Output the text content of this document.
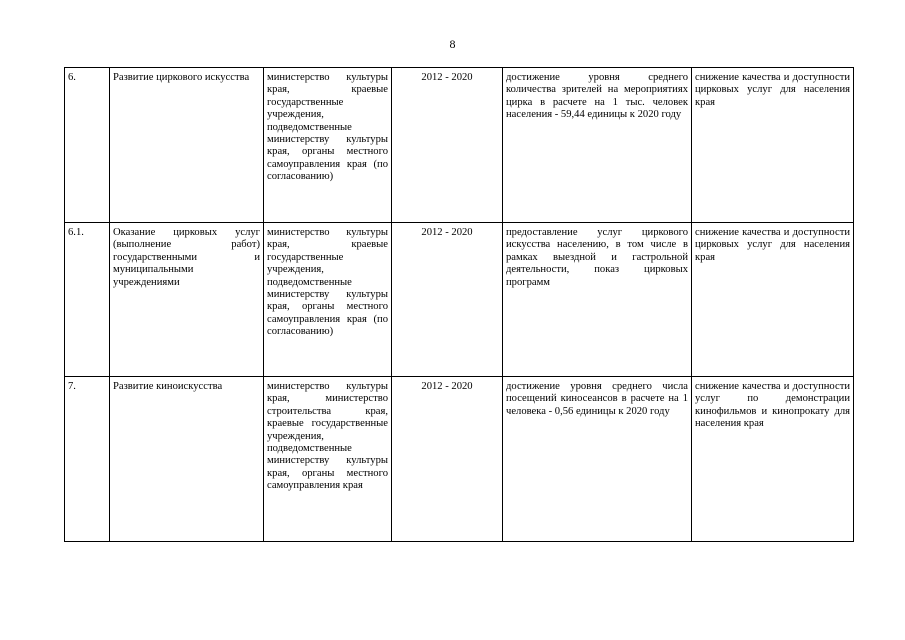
8
6.	Развитие циркового искусства	министерство культуры края, краевые государственные учреждения, подведомственные министерству культуры края, органы местного самоуправления края (по согласованию)	2012 - 2020	достижение уровня среднего количества зрителей на мероприятиях цирка в расчете на 1 тыс. человек населения - 59,44 единицы к 2020 году	снижение качества и доступности цирковых услуг для населения края
6.1.	Оказание цирковых услуг (выполнение работ) государственными и муниципальными учреждениями	министерство культуры края, краевые государственные учреждения, подведомственные министерству культуры края, органы местного самоуправления края (по согласованию)	2012 - 2020	предоставление услуг циркового искусства населению, в том числе в рамках выездной и гастрольной деятельности, показ цирковых программ	снижение качества и доступности цирковых услуг для населения края
7.	Развитие киноискусства	министерство культуры края, министерство строительства края, краевые государственные учреждения, подведомственные министерству культуры края, органы местного самоуправления края	2012 - 2020	достижение уровня среднего числа посещений киносеансов в расчете на 1 человека - 0,56 единицы к 2020 году	снижение качества и доступности услуг по демонстрации кинофильмов и кинопрокату для населения края
